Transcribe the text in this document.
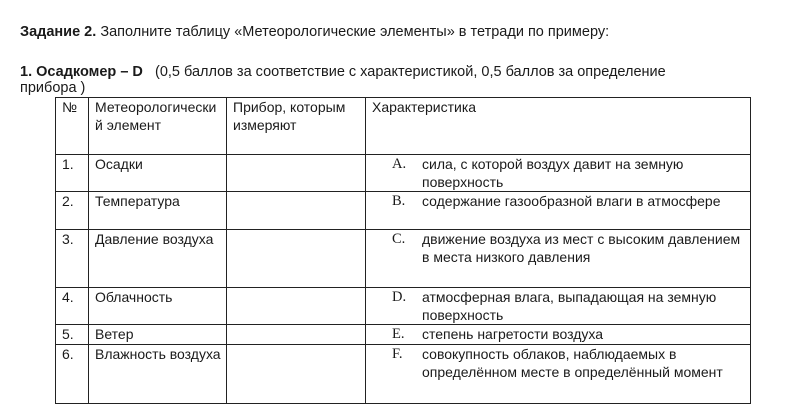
Задание 2. Заполните таблицу «Метеорологические элементы» в тетради по примеру:
1. Осадкомер – D (0,5 баллов за соответствие с характеристикой, 0,5 баллов за определение
прибора )
№	Метеорологический элемент	Прибор, которым измеряют	Характеристика
1.	Осадки		A. сила, с которой воздух давит на земную поверхность

2.	Температура		B. содержание газообразной влаги в атмосфере

3.	Давление воздуха		C. движение воздуха из мест с высоким давлением в места низкого давления

4.	Облачность		D. атмосферная влага, выпадающая на земную поверхность

5.	Ветер		E. степень нагретости воздуха

6.	Влажность воздуха		F. совокупность облаков, наблюдаемых в определённом месте в определённый момент
